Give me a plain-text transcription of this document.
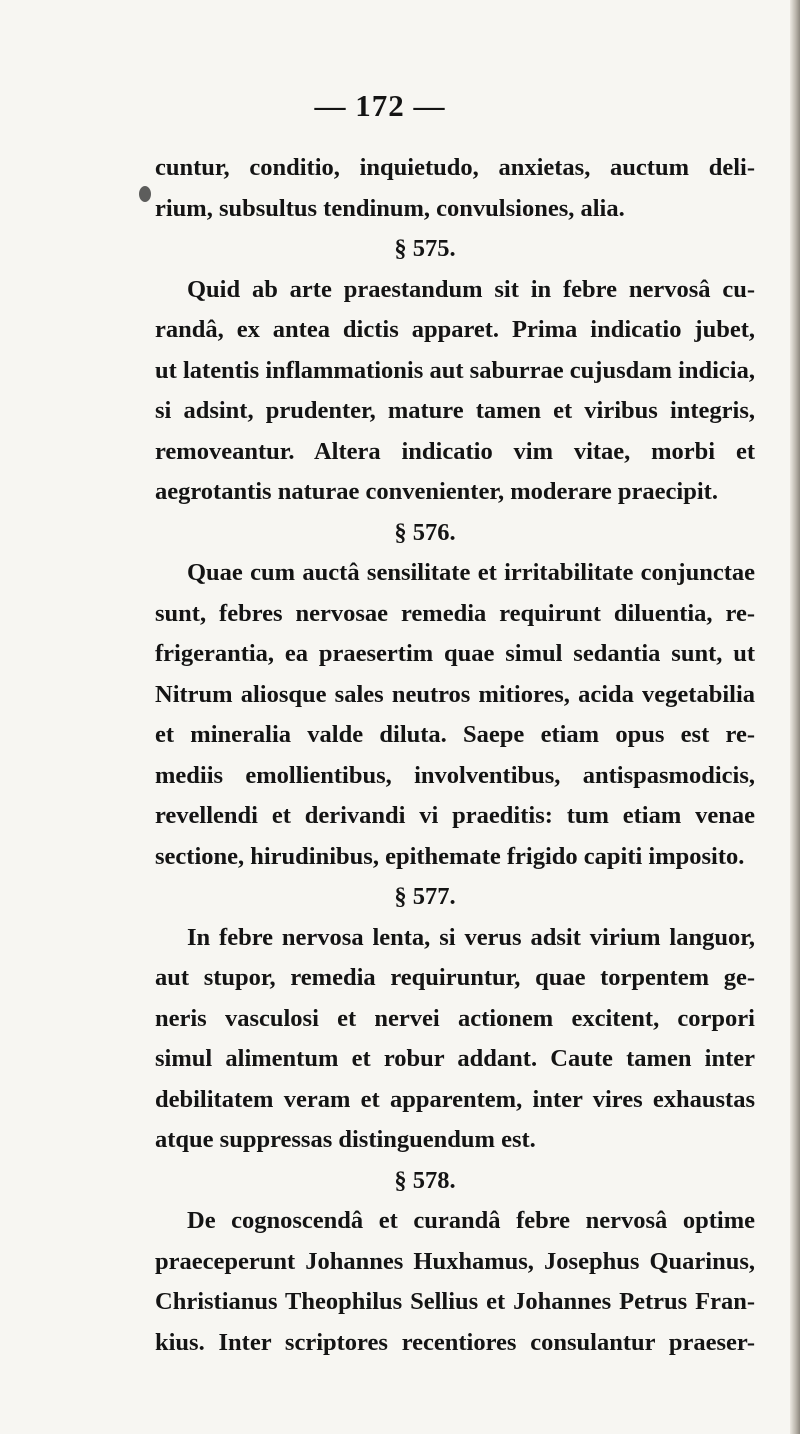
— 172 —
cuntur, conditio, inquietudo, anxietas, auctum deli-
rium, subsultus tendinum, convulsiones, alia.
§ 575.
Quid ab arte praestandum sit in febre nervosâ cu-
randâ, ex antea dictis apparet. Prima indicatio jubet,
ut latentis inflammationis aut saburrae cujusdam indicia,
si adsint, prudenter, mature tamen et viribus integris,
removeantur. Altera indicatio vim vitae, morbi et
aegrotantis naturae convenienter, moderare praecipit.
§ 576.
Quae cum auctâ sensilitate et irritabilitate conjunctae
sunt, febres nervosae remedia requirunt diluentia, re-
frigerantia, ea praesertim quae simul sedantia sunt, ut
Nitrum aliosque sales neutros mitiores, acida vegetabilia
et mineralia valde diluta. Saepe etiam opus est re-
mediis emollientibus, involventibus, antispasmodicis,
revellendi et derivandi vi praeditis: tum etiam venae
sectione, hirudinibus, epithemate frigido capiti imposito.
§ 577.
In febre nervosa lenta, si verus adsit virium languor,
aut stupor, remedia requiruntur, quae torpentem ge-
neris vasculosi et nervei actionem excitent, corpori
simul alimentum et robur addant. Caute tamen inter
debilitatem veram et apparentem, inter vires exhaustas
atque suppressas distinguendum est.
§ 578.
De cognoscendâ et curandâ febre nervosâ optime
praeceperunt Johannes Huxhamus, Josephus Quarinus,
Christianus Theophilus Sellius et Johannes Petrus Fran-
kius. Inter scriptores recentiores consulantur praeser-
